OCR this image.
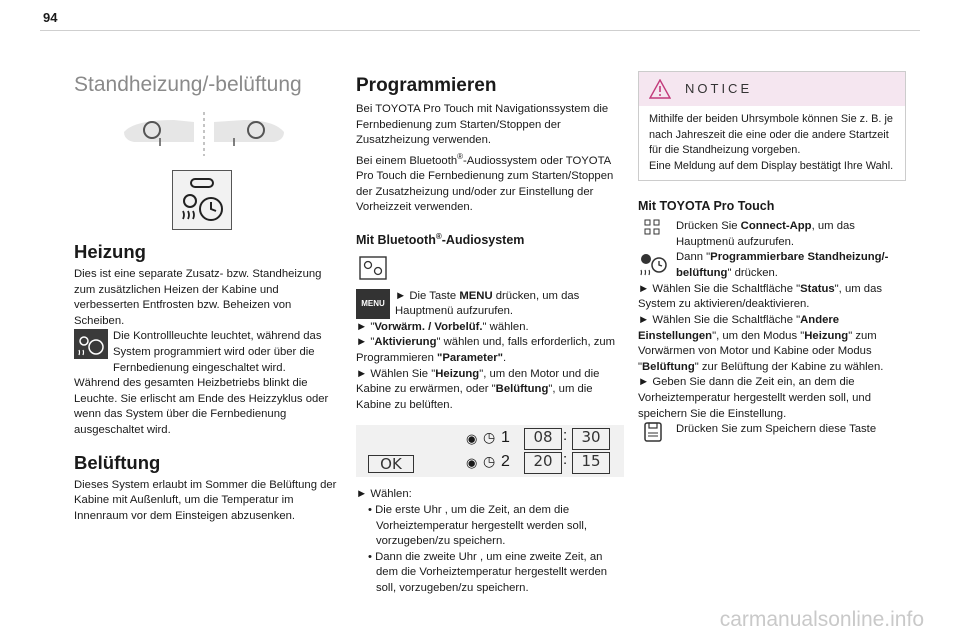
94

Standheizung/-belüftung

Heizung

Dies ist eine separate Zusatz- bzw. Standheizung zum zusätzlichen Heizen der Kabine und verbesserten Entfrosten bzw. Beheizen von Scheiben.

Die Kontrollleuchte leuchtet, während das System programmiert wird oder über die Fernbedienung eingeschaltet wird.

Während des gesamten Heizbetriebs blinkt die Leuchte. Sie erlischt am Ende des Heizzyklus oder wenn das System über die Fernbedienung ausgeschaltet wird.

Belüftung

Dieses System erlaubt im Sommer die Belüftung der Kabine mit Außenluft, um die Temperatur im Innenraum vor dem Einsteigen abzusenken.

Programmieren

Bei TOYOTA Pro Touch mit Navigationssystem die Fernbedienung zum Starten/Stoppen der Zusatzheizung verwenden.

Bei einem Bluetooth®-Audiossystem oder TOYOTA Pro Touch die Fernbedienung zum Starten/Stoppen der Zusatzheizung und/oder zur Einstellung der Vorheizzeit verwenden.

Mit Bluetooth®-Audiosystem

MENU
► Die Taste MENU drücken, um das Hauptmenü aufzurufen.

► "Vorwärm. / Vorbelüf." wählen.

► "Aktivierung" wählen und, falls erforderlich, zum Programmieren "Parameter".

► Wählen Sie "Heizung", um den Motor und die Kabine zu erwärmen, oder "Belüftung", um die Kabine zu belüften.

OK
◉
◉
◷
◷
1
2
08 : 30
20 : 15

► Wählen:

• Die erste Uhr , um die Zeit, an dem die Vorheiztemperatur hergestellt werden soll, vorzugeben/zu speichern.

• Dann die zweite Uhr , um eine zweite Zeit, an dem die Vorheiztemperatur hergestellt werden soll, vorzugeben/zu speichern.

NOTICE

Mithilfe der beiden Uhrsymbole können Sie z. B. je nach Jahreszeit die eine oder die andere Startzeit für die Standheizung vorgeben.

Eine Meldung auf dem Display bestätigt Ihre Wahl.

Mit TOYOTA Pro Touch

Drücken Sie Connect-App, um das Hauptmenü aufzurufen.

Dann "Programmierbare Standheizung/-belüftung" drücken.

► Wählen Sie die Schaltfläche "Status", um das System zu aktivieren/deaktivieren.

► Wählen Sie die Schaltfläche "Andere Einstellungen", um den Modus "Heizung" zum Vorwärmen von Motor und Kabine oder Modus "Belüftung" zur Belüftung der Kabine zu wählen.

► Geben Sie dann die Zeit ein, an dem die Vorheiztemperatur hergestellt werden soll, und speichern Sie die Einstellung.

Drücken Sie zum Speichern diese Taste

carmanualsonline.info
